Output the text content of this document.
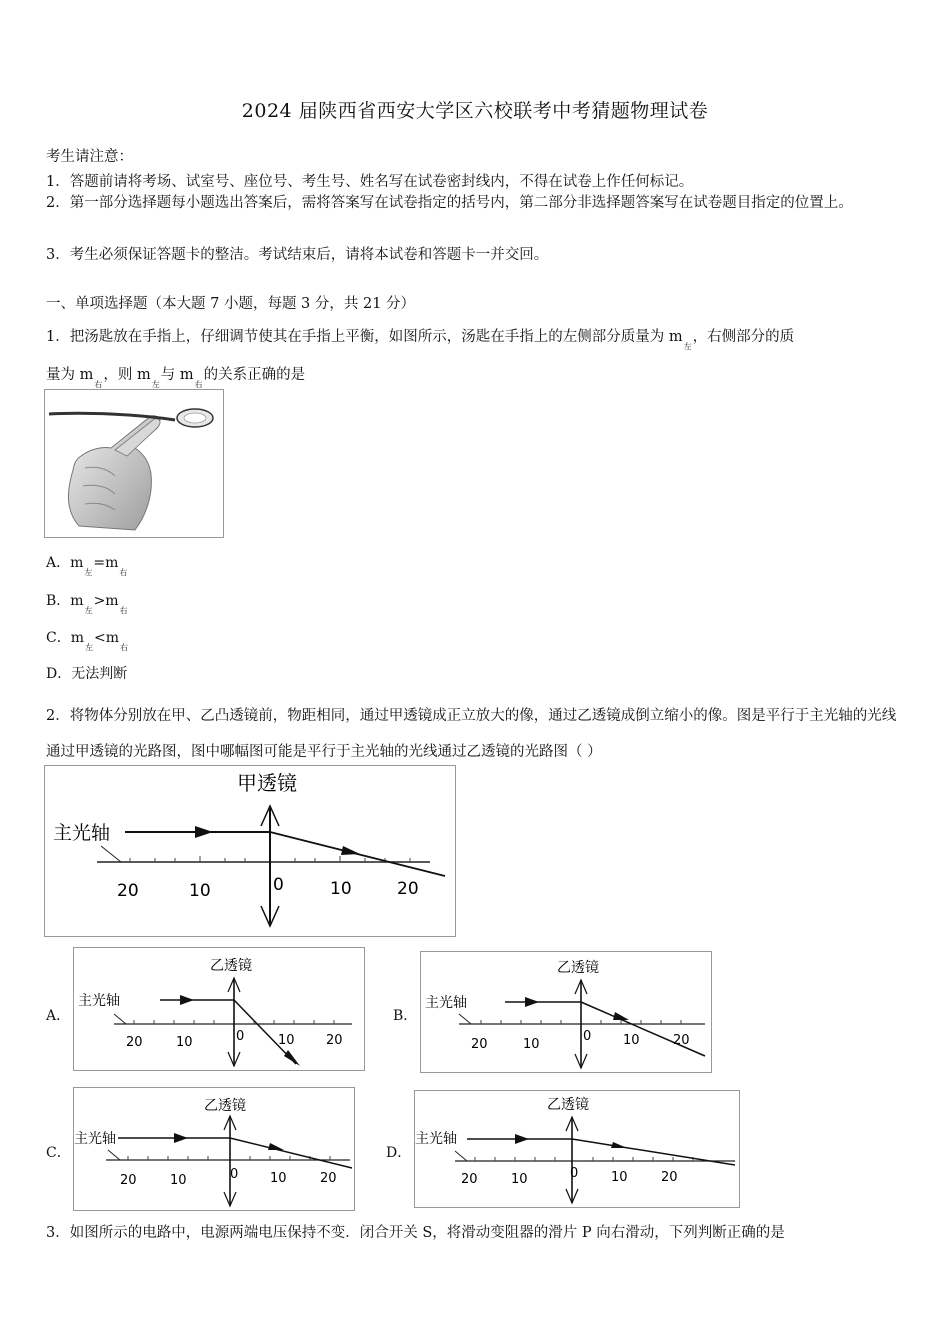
2024 届陕西省西安大学区六校联考中考猜题物理试卷
考生请注意：
1．答题前请将考场、试室号、座位号、考生号、姓名写在试卷密封线内，不得在试卷上作任何标记。
2．第一部分选择题每小题选出答案后，需将答案写在试卷指定的括号内，第二部分非选择题答案写在试卷题目指定的位置上。
3．考生必须保证答题卡的整洁。考试结束后，请将本试卷和答题卡一并交回。
一、单项选择题（本大题 7 小题，每题 3 分，共 21 分）
1．把汤匙放在手指上，仔细调节使其在手指上平衡，如图所示，汤匙在手指上的左侧部分质量为 $m_左$，右侧部分的质
量为 $m_右$，则 $m_左$与 $m_右$的关系正确的是
A．$m_左=m_右$
B．$m_左>m_右$
C．$m_左<m_右$
D．无法判断
2．将物体分别放在甲、乙凸透镜前，物距相同，通过甲透镜成正立放大的像，通过乙透镜成倒立缩小的像。图是平行于主光轴的光线通过甲透镜的光路图，图中哪幅图可能是平行于主光轴的光线通过乙透镜的光路图（ ）
甲透镜
主光轴
20	10	0	10	20
A．
乙透镜
主光轴
20	10	0	10 20
B．
乙透镜
主光轴
20	10
0 10	20
C．
乙透镜
主光轴
20	10	0 10	20
D．
乙透镜
主光轴
20	10	0	10	20
3．如图所示的电路中，电源两端电压保持不变．闭合开关 S，将滑动变阻器的滑片 P 向右滑动，下列判断正确的是
